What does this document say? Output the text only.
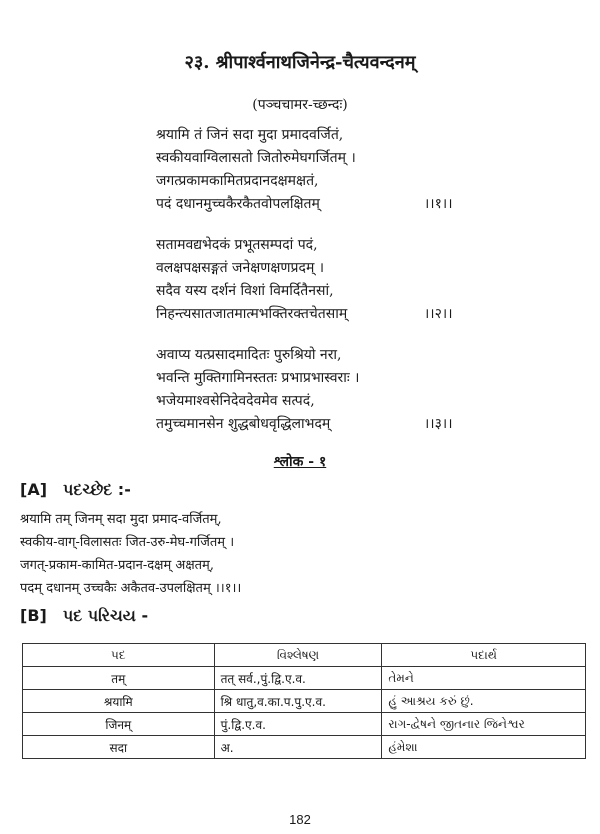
२३. श्रीपार्श्वनाथजिनेन्द्र-चैत्यवन्दनम्
(पञ्चचामर-च्छन्दः)
श्रयामि तं जिनं सदा मुदा प्रमादवर्जितं,
स्वकीयवाग्विलासतो जितोरुमेघगर्जितम् ।
जगत्प्रकामकामितप्रदानदक्षमक्षतं,
पदं दधानमुच्चकैरकैतवोपलक्षितम्	।।१।।
सतामवद्यभेदकं प्रभूतसम्पदां पदं,
वलक्षपक्षसङ्गतं जनेक्षणक्षणप्रदम् ।
सदैव यस्य दर्शनं विशां विमर्दितैनसां,
निहन्त्यसातजातमात्मभक्तिरक्तचेतसाम्	।।२।।
अवाप्य यत्प्रसादमादितः पुरुश्रियो नरा,
भवन्ति मुक्तिगामिनस्ततः प्रभाप्रभास्वराः ।
भजेयमाश्वसेनिदेवदेवमेव सत्पदं,
तमुच्चमानसेन शुद्धबोधवृद्धिलाभदम्	।।३।।
श्लोक - १
[A] પદચ્છેદ :-
श्रयामि तम् जिनम् सदा मुदा प्रमाद-वर्जितम्,
स्वकीय-वाग्-विलासतः जित-उरु-मेघ-गर्जितम् ।
जगत्-प्रकाम-कामित-प्रदान-दक्षम् अक्षतम्,
पदम् दधानम् उच्चकैः अकैतव-उपलक्षितम् ।।१।।
[B] પદ પરિચય -
પદ	વિશ્લેષણ	પદાર્થ
तम्	तत् सर्व.,पुं.द्वि.ए.व.	તેમને
श्रयामि	श्रि धातु,व.का.प.पु.ए.व.	હું આશ્રય કરું છું.
जिनम्	पुं.द्वि.ए.व.	રાગ-દ્વેષને જીતનાર જિનેશ્વર
सदा	अ.	હંમેશા
182
